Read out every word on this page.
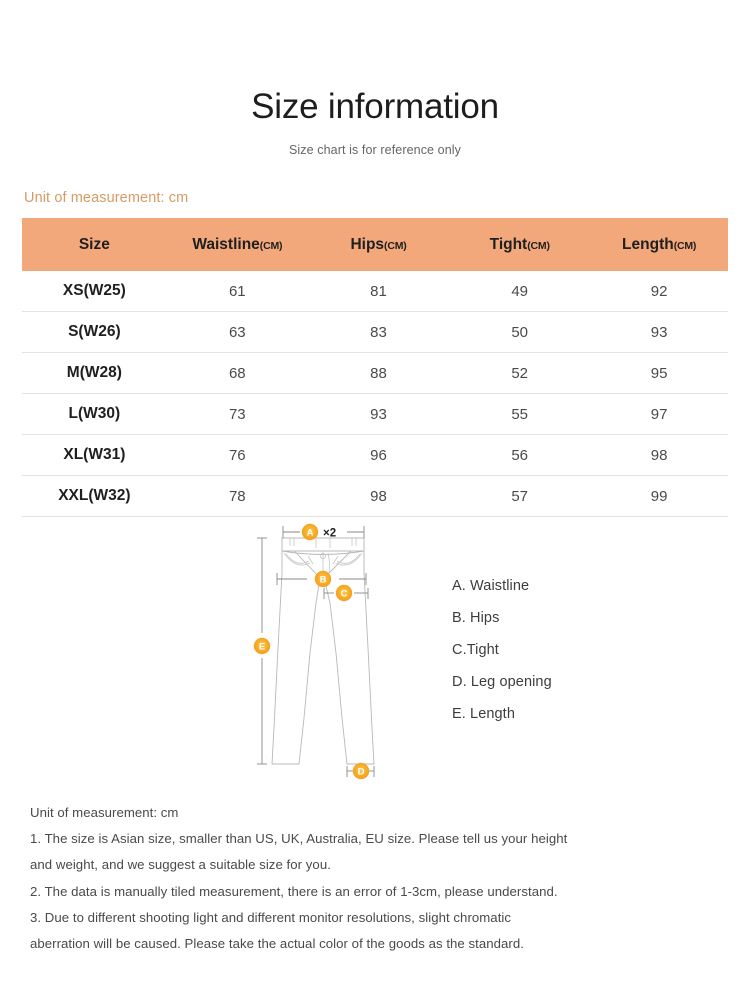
Size information
Size chart is for reference only
Unit of measurement: cm
Size	Waistline(CM)	Hips(CM)	Tight(CM)	Length(CM)
XS(W25)	61	81	49	92
S(W26)	63	83	50	93
M(W28)	68	88	52	95
L(W30)	73	93	55	97
XL(W31)	76	96	56	98
XXL(W32)	78	98	57	99
A ×2
B
C
D
E
A. Waistline
B. Hips
C.Tight
D. Leg opening
E. Length
Unit of measurement: cm
1. The size is Asian size, smaller than US, UK, Australia, EU size. Please tell us your height
and weight, and we suggest a suitable size for you.
2. The data is manually tiled measurement, there is an error of 1-3cm, please understand.
3. Due to different shooting light and different monitor resolutions, slight chromatic
aberration will be caused. Please take the actual color of the goods as the standard.
